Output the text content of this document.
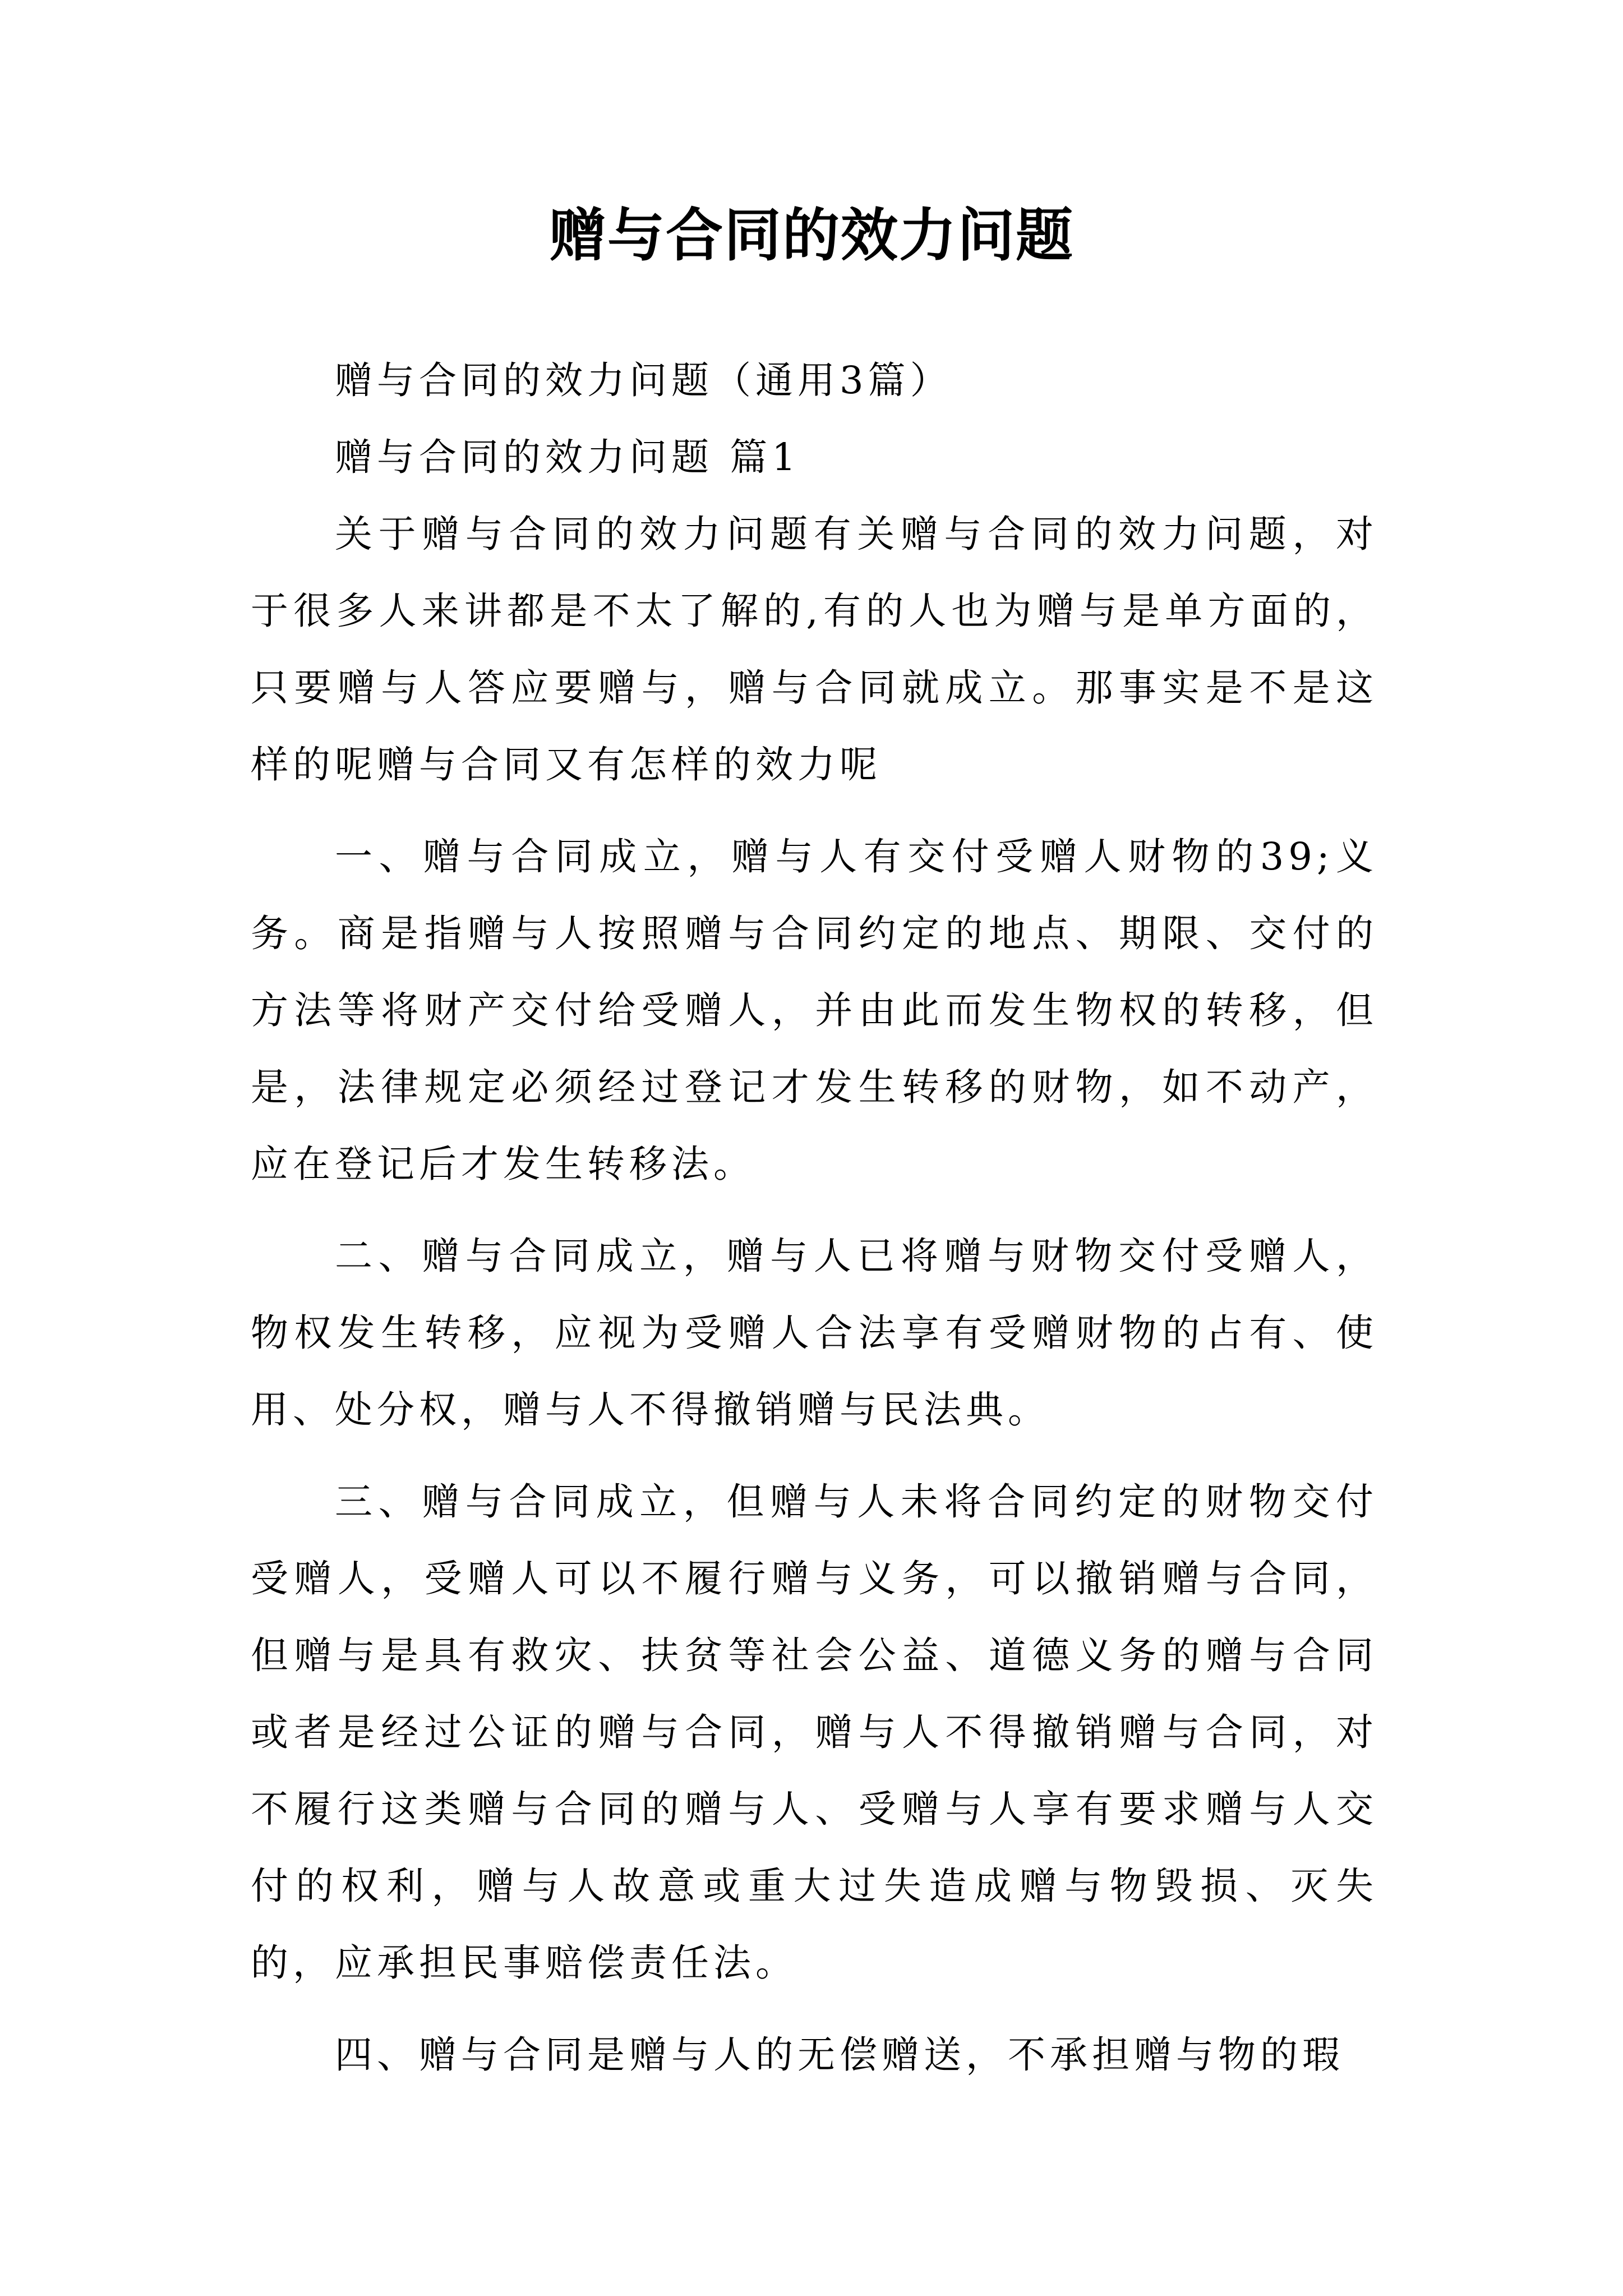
赠与合同的效力问题

赠与合同的效力问题（通用3篇）

赠与合同的效力问题 篇1

关于赠与合同的效力问题有关赠与合同的效力问题，对于很多人来讲都是不太了解的,有的人也为赠与是单方面的，只要赠与人答应要赠与，赠与合同就成立。那事实是不是这样的呢赠与合同又有怎样的效力呢

一、赠与合同成立，赠与人有交付受赠人财物的39;义务。商是指赠与人按照赠与合同约定的地点、期限、交付的方法等将财产交付给受赠人，并由此而发生物权的转移，但是，法律规定必须经过登记才发生转移的财物，如不动产，应在登记后才发生转移法。

二、赠与合同成立，赠与人已将赠与财物交付受赠人，物权发生转移，应视为受赠人合法享有受赠财物的占有、使用、处分权，赠与人不得撤销赠与民法典。

三、赠与合同成立，但赠与人未将合同约定的财物交付受赠人，受赠人可以不履行赠与义务，可以撤销赠与合同，但赠与是具有救灾、扶贫等社会公益、道德义务的赠与合同或者是经过公证的赠与合同，赠与人不得撤销赠与合同，对不履行这类赠与合同的赠与人、受赠与人享有要求赠与人交付的权利，赠与人故意或重大过失造成赠与物毁损、灭失的，应承担民事赔偿责任法。

四、赠与合同是赠与人的无偿赠送，不承担赠与物的瑕
